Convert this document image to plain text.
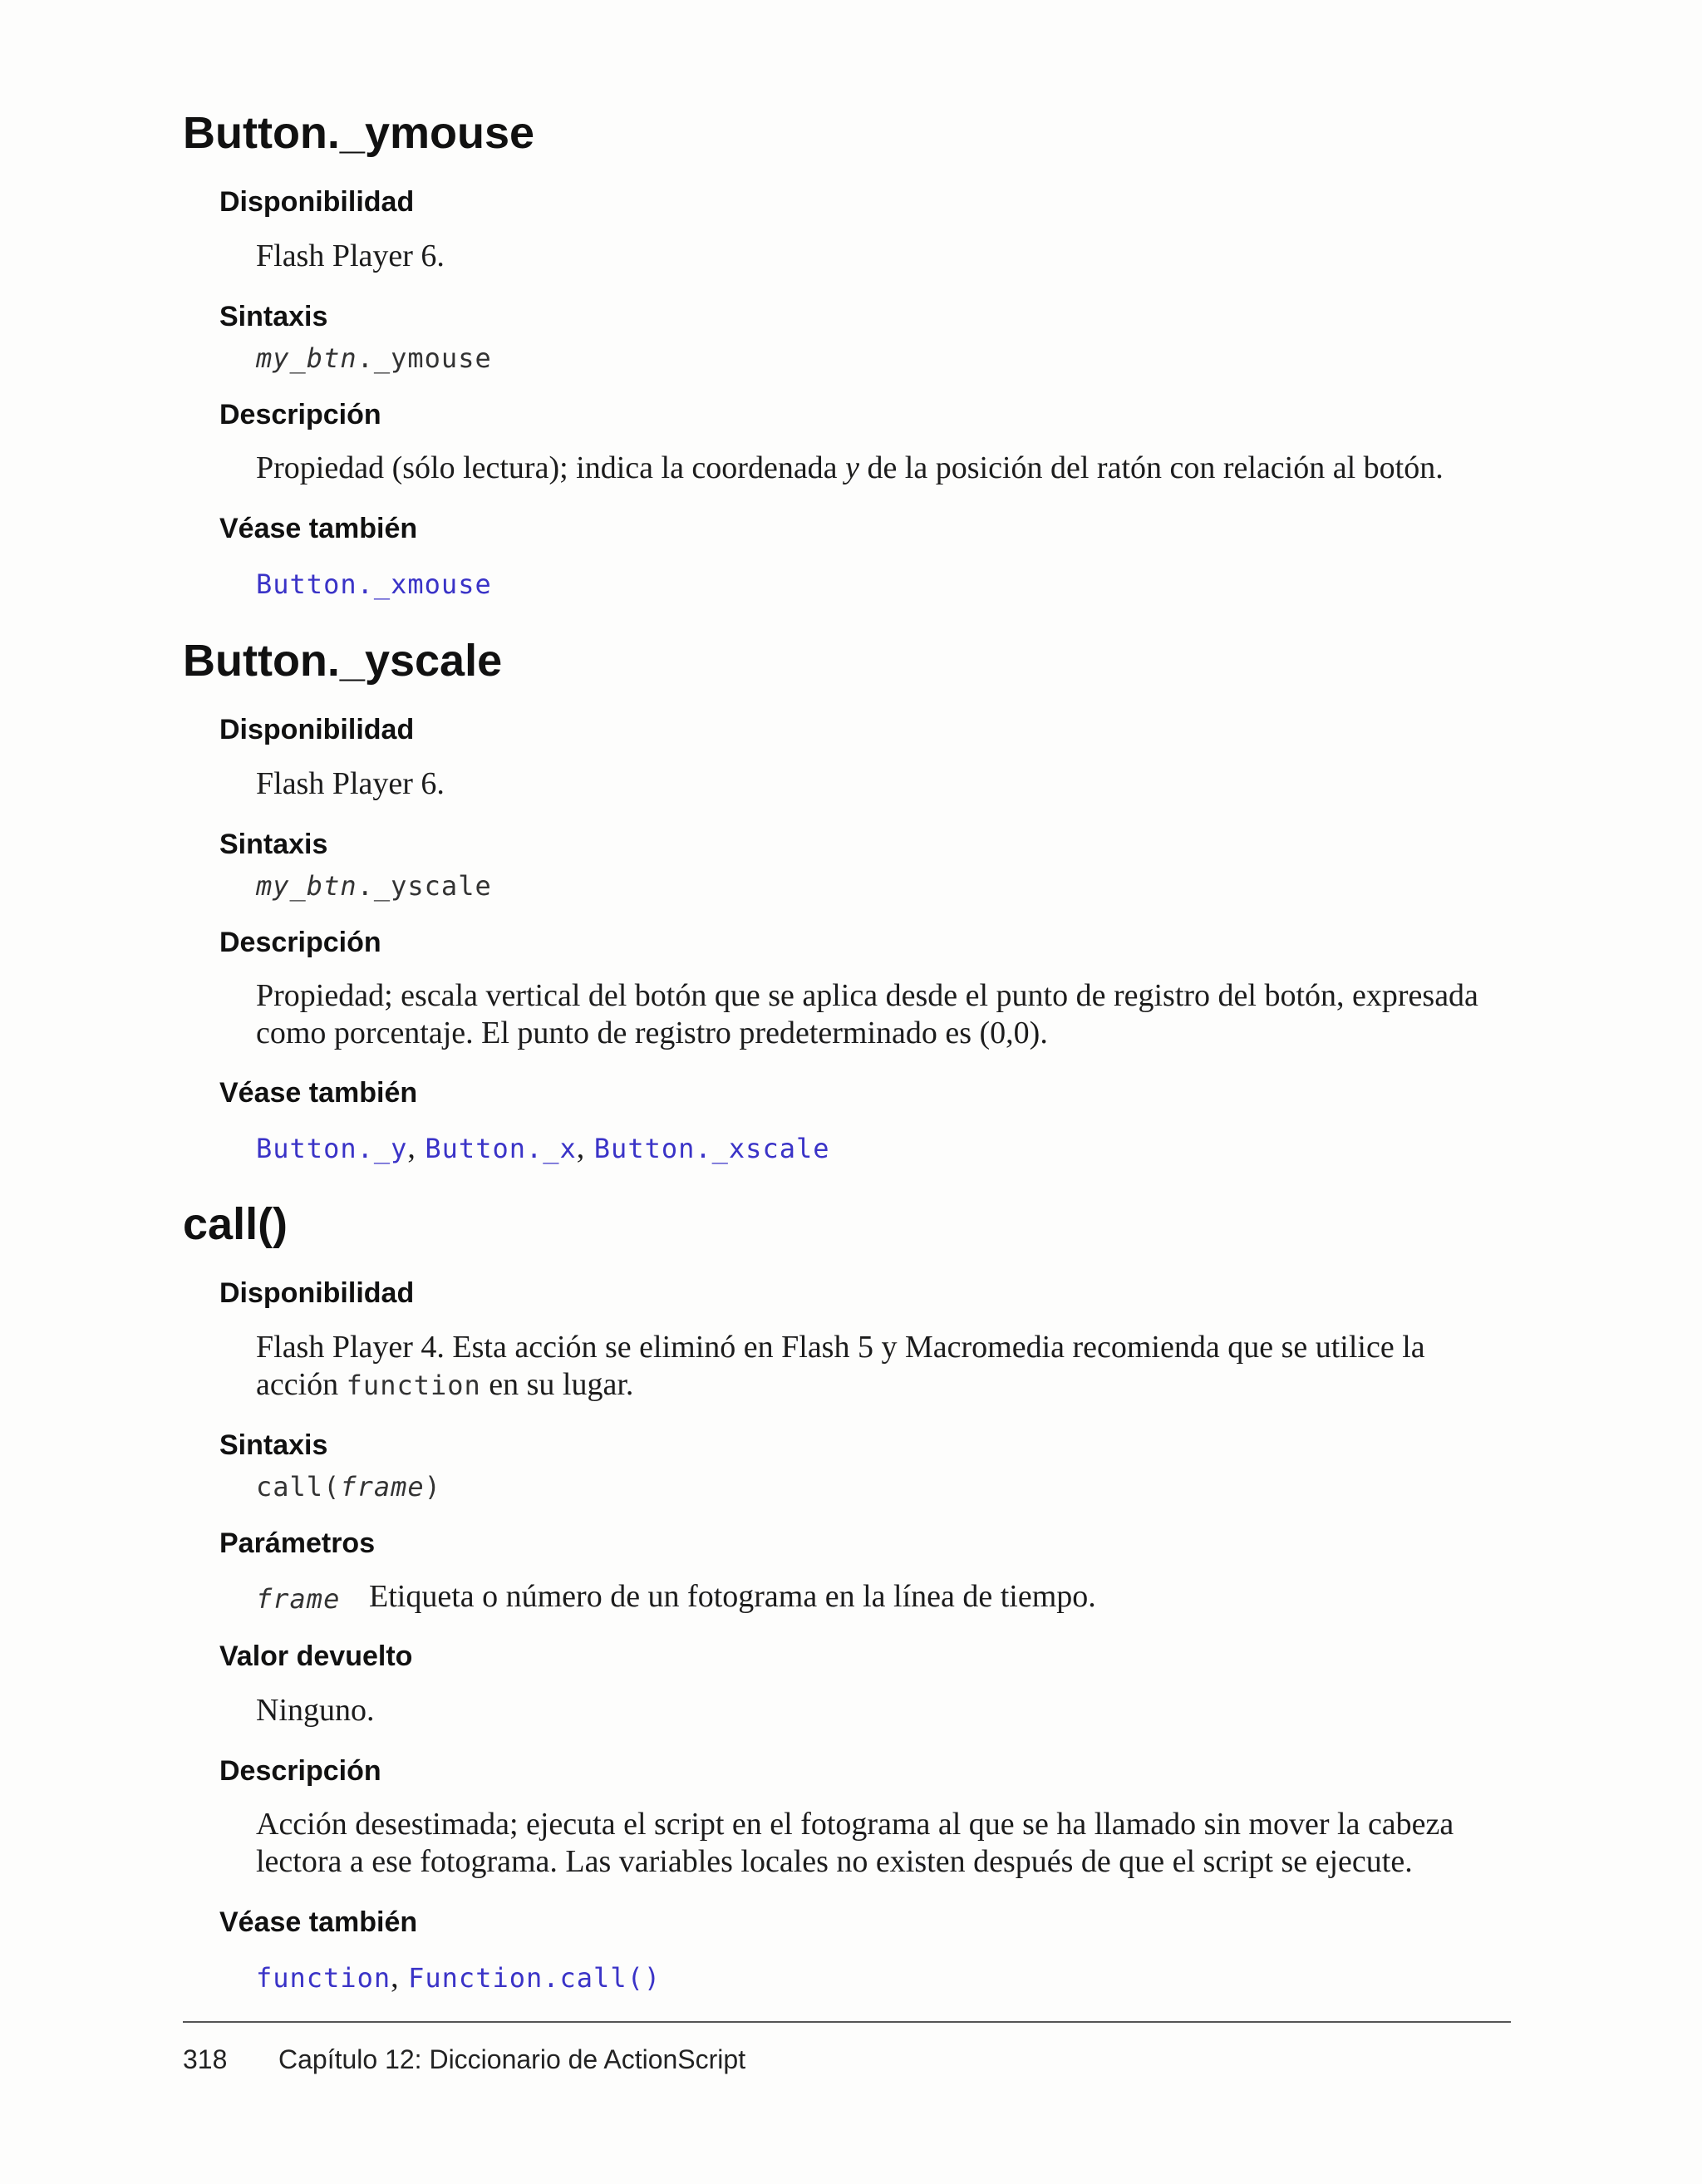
Button._ymouse
Disponibilidad

Flash Player 6.

Sintaxis
my_btn._ymouse
Descripción

Propiedad (sólo lectura); indica la coordenada y de la posición del ratón con relación al botón.

Véase también
Button._xmouse
Button._yscale
Disponibilidad

Flash Player 6.

Sintaxis
my_btn._yscale
Descripción

Propiedad; escala vertical del botón que se aplica desde el punto de registro del botón, expresada como porcentaje. El punto de registro predeterminado es (0,0).

Véase también
Button._y, Button._x, Button._xscale
call()
Disponibilidad

Flash Player 4. Esta acción se eliminó en Flash 5 y Macromedia recomienda que se utilice la acción function en su lugar.

Sintaxis
call(frame)
Parámetros
frame Etiqueta o número de un fotograma en la línea de tiempo.

Valor devuelto

Ninguno.

Descripción

Acción desestimada; ejecuta el script en el fotograma al que se ha llamado sin mover la cabeza lectora a ese fotograma. Las variables locales no existen después de que el script se ejecute.

Véase también
function, Function.call()
318 Capítulo 12: Diccionario de ActionScript
